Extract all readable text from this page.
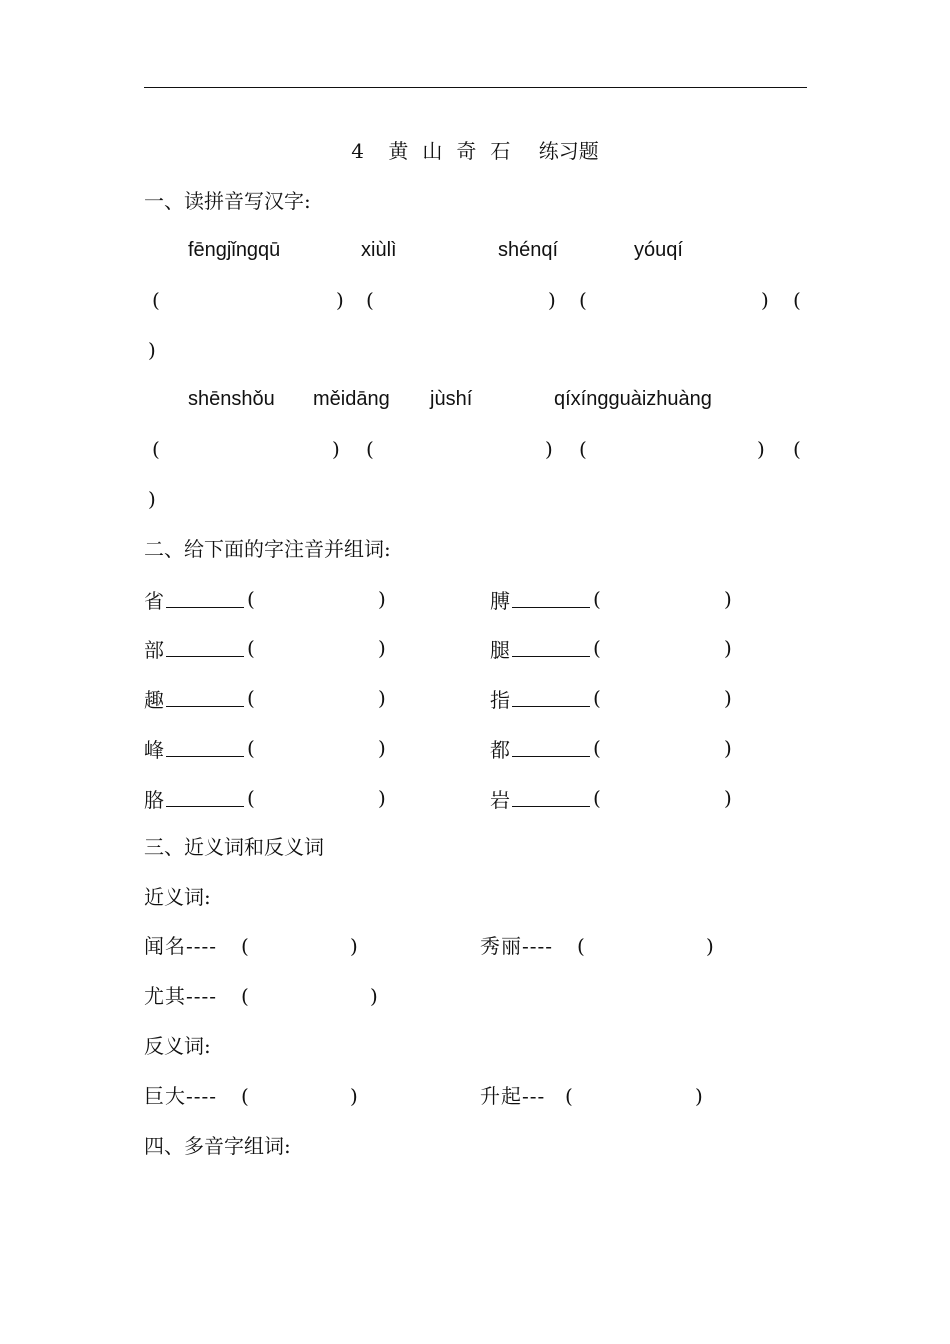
4 黄山奇石 练习题
一、读拼音写汉字:
fēngjǐngqū	xiùlì	shénqí	yóuqí
(	) (	) (	) (
)
shēnshǒu měidāng jùshí	qíxíngguàizhuàng
(	) (	) (	) (
)
二、给下面的字注音并组词:
省	(	)	膊	(	)
部	(	)	腿	(	)
趣	(	)	指	(	)
峰	(	)	都	(	)
胳	(	)	岩	(	)
三、近义词和反义词
近义词:
闻名---- (	)	秀丽---- (	)
尤其---- (	)
反义词:
巨大---- (	)	升起--- (	)
四、多音字组词:
